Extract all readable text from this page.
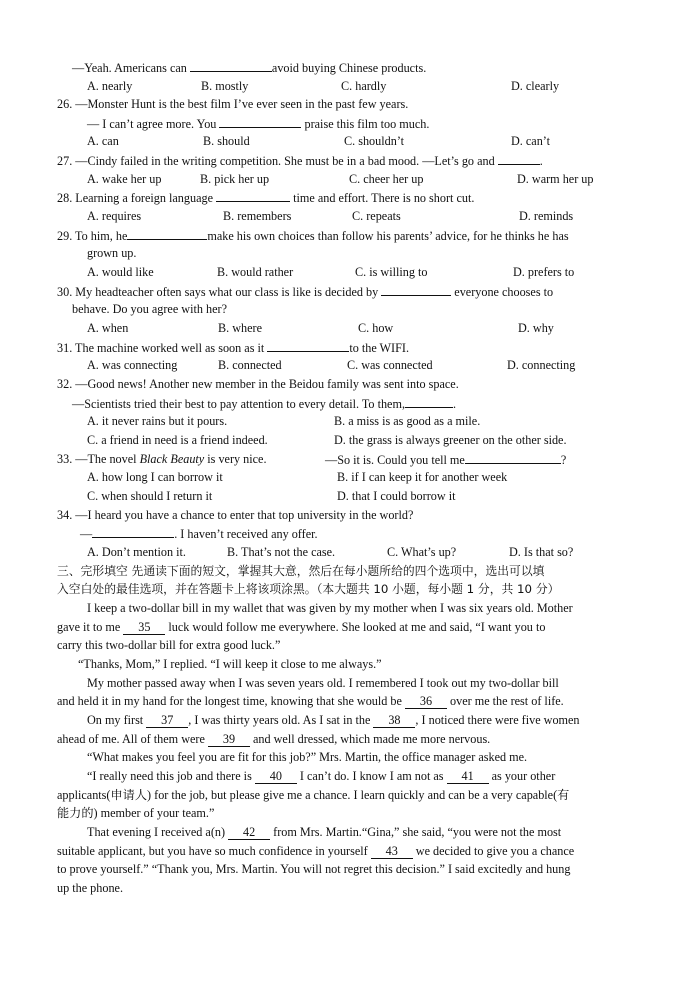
—Yeah. Americans can	avoid buying Chinese products.
A. nearly	B. mostly	C. hardly	D. clearly
26. —Monster Hunt is the best film I’ve ever seen in the past few years.
— I can’t agree more. You	praise this film too much.
A. can	B. should	C. shouldn’t	D. can’t
27. —Cindy failed in the writing competition. She must be in a bad mood. —Let’s go and	.
A. wake her up	B. pick her up	C. cheer her up	D. warm her up
28. Learning a foreign language	time and effort. There is no short cut.
A. requires	B. remembers	C. repeats	D. reminds
29. To him, he	make his own choices than follow his parents’ advice, for he thinks he has
grown up.
A. would like	B. would rather	C. is willing to	D. prefers to
30. My headteacher often says what our class is like is decided by	everyone chooses to
behave. Do you agree with her?
A. when	B. where	C. how	D. why
31. The machine worked well as soon as it	to the WIFI.
A. was connecting	B. connected	C. was connected	D. connecting
32. —Good news! Another new member in the Beidou family was sent into space.
—Scientists tried their best to pay attention to every detail. To them,	.
A. it never rains but it pours.	B. a miss is as good as a mile.
C. a friend in need is a friend indeed.	D. the grass is always greener on the other side.
33. —The novel Black Beauty is very nice.	—So it is. Could you tell me	?
A. how long I can borrow it	B. if I can keep it for another week
C. when should I return it	D. that I could borrow it
34. —I heard you have a chance to enter that top university in the world?
—	. I haven’t received any offer.
A. Don’t mention it.	B. That’s not the case.	C. What’s up?	D. Is that so?
三、完形填空 先通读下面的短文，掌握其大意，然后在每小题所给的四个选项中，选出可以填
入空白处的最佳选项，并在答题卡上将该项涂黑。（本大题共 10 小题，每小题 1 分，共 10 分）
I keep a two-dollar bill in my wallet that was given by my mother when I was six years old. Mother
gave it to me 35 luck would follow me everywhere. She looked at me and said, “I want you to
carry this two-dollar bill for extra good luck.”
“Thanks, Mom,” I replied. “I will keep it close to me always.”
My mother passed away when I was seven years old. I remembered I took out my two-dollar bill
and held it in my hand for the longest time, knowing that she would be 36 over me the rest of life.
On my first 37 , I was thirty years old. As I sat in the 38 , I noticed there were five women
ahead of me. All of them were 39 and well dressed, which made me more nervous.
“What makes you feel you are fit for this job?” Mrs. Martin, the office manager asked me.
“I really need this job and there is 40 I can’t do. I know I am not as 41 as your other
applicants(申请人) for the job, but please give me a chance. I learn quickly and can be a very capable(有
能力的) member of your team.”
That evening I received a(n) 42 from Mrs. Martin.“Gina,” she said, “you were not the most
suitable applicant, but you have so much confidence in yourself 43 we decided to give you a chance
to prove yourself.” “Thank you, Mrs. Martin. You will not regret this decision.” I said excitedly and hung
up the phone.
